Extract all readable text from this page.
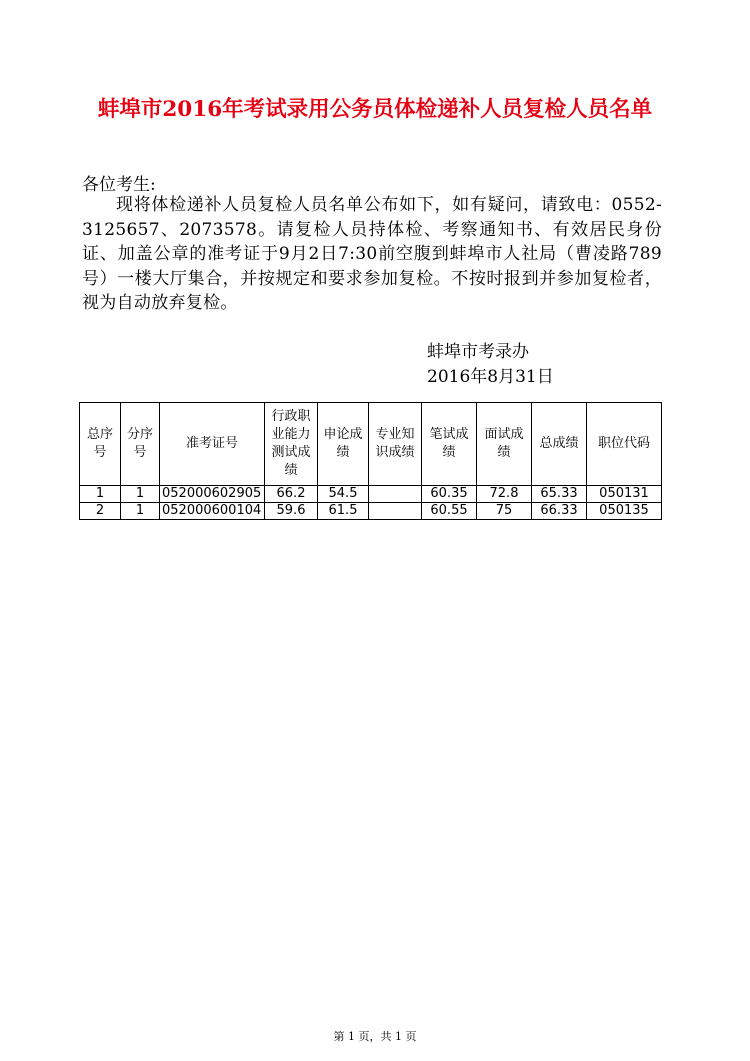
蚌埠市2016年考试录用公务员体检递补人员复检人员名单
各位考生:
现将体检递补人员复检人员名单公布如下，如有疑问，请致电：0552-3125657、2073578。请复检人员持体检、考察通知书、有效居民身份证、加盖公章的准考证于9月2日7:30前空腹到蚌埠市人社局（曹凌路789号）一楼大厅集合，并按规定和要求参加复检。不按时报到并参加复检者，视为自动放弃复检。
蚌埠市考录办
2016年8月31日
总序号	分序号	准考证号	行政职业能力测试成绩	申论成绩	专业知识成绩	笔试成绩	面试成绩	总成绩	职位代码
1	1	052000602905	66.2	54.5		60.35	72.8	65.33	050131
2	1	052000600104	59.6	61.5		60.55	75	66.33	050135
第 1 页，共 1 页
